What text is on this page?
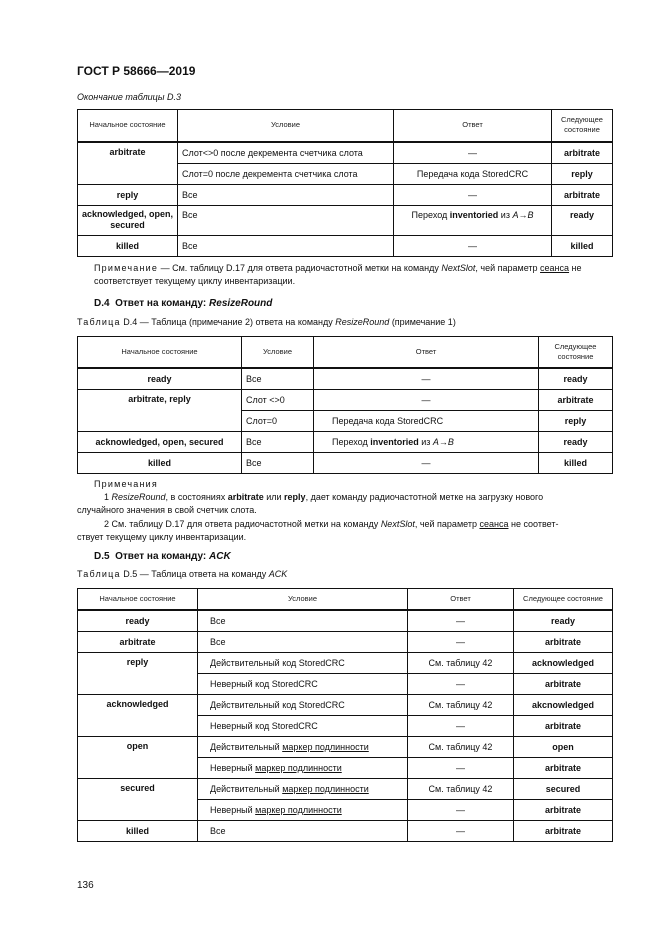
ГОСТ Р 58666—2019
Окончание таблицы D.3
Начальное состояние	Условие	Ответ	Следующее состояние
arbitrate	Слот<>0 после декремента счетчика слота	—	arbitrate
	Слот=0 после декремента счетчика слота	Передача кода StoredCRC	reply
reply	Все	—	arbitrate
acknowledged, open, secured	Все	Переход inventoried из A→B	ready
killed	Все	—	killed
Примечание — См. таблицу D.17 для ответа радиочастотной метки на команду NextSlot, чей параметр сеанса не соответствует текущему циклу инвентаризации.
D.4 Ответ на команду: ResizeRound
Таблица D.4 — Таблица (примечание 2) ответа на команду ResizeRound (примечание 1)
Начальное состояние	Условие	Ответ	Следующее состояние
ready	Все	—	ready
arbitrate, reply	Слот <>0	—	arbitrate
	Слот=0	Передача кода StoredCRC	reply
acknowledged, open, secured	Все	Переход inventoried из A→B	ready
killed	Все	—	killed
Примечания
1 ResizeRound, в состояниях arbitrate или reply, дает команду радиочастотной метке на загрузку нового
случайного значения в свой счетчик слота.
2 См. таблицу D.17 для ответа радиочастотной метки на команду NextSlot, чей параметр сеанса не соответ-
ствует текущему циклу инвентаризации.
D.5 Ответ на команду: ACK
Таблица D.5 — Таблица ответа на команду ACK
Начальное состояние	Условие	Ответ	Следующее состояние
ready	Все	—	ready
arbitrate	Все	—	arbitrate
reply	Действительный код StoredCRC	См. таблицу 42	acknowledged
	Неверный код StoredCRC	—	arbitrate
acknowledged	Действительный код StoredCRC	См. таблицу 42	akcnowledged
	Неверный код StoredCRC	—	arbitrate
open	Действительный маркер подлинности	См. таблицу 42	open
	Неверный маркер подлинности	—	arbitrate
secured	Действительный маркер подлинности	См. таблицу 42	secured
	Неверный маркер подлинности	—	arbitrate
killed	Все	—	arbitrate
136
